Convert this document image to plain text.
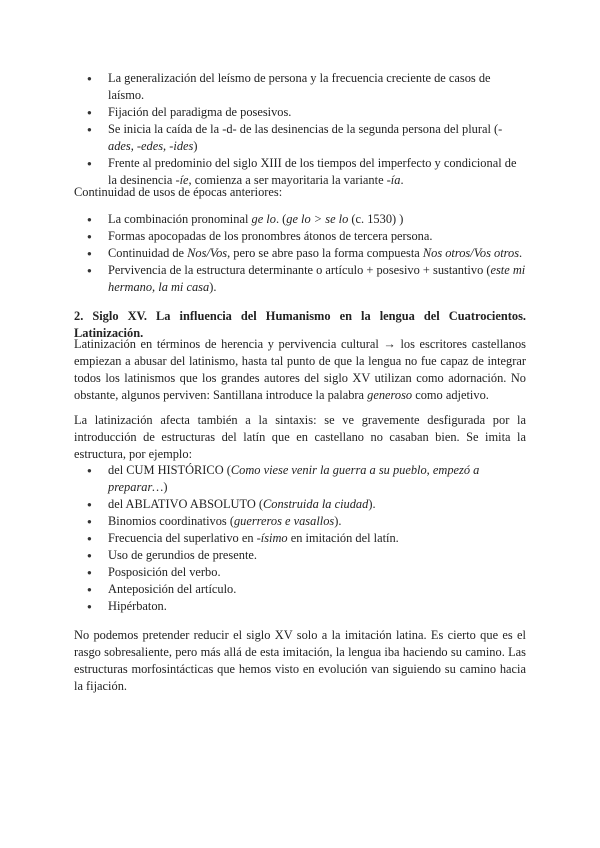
● La generalización del leísmo de persona y la frecuencia creciente de casos de laísmo.
● Fijación del paradigma de posesivos.
● Se inicia la caída de la -d- de las desinencias de la segunda persona del plural (-ades, -edes, -ides)
● Frente al predominio del siglo XIII de los tiempos del imperfecto y condicional de la desinencia -íe, comienza a ser mayoritaria la variante -ía.

Continuidad de usos de épocas anteriores:

● La combinación pronominal ge lo. (ge lo > se lo (c. 1530) )
● Formas apocopadas de los pronombres átonos de tercera persona.
● Continuidad de Nos/Vos, pero se abre paso la forma compuesta Nos otros/Vos otros.
● Pervivencia de la estructura determinante o artículo + posesivo + sustantivo (este mi hermano, la mi casa).

2. Siglo XV. La influencia del Humanismo en la lengua del Cuatrocientos. Latinización.

Latinización en términos de herencia y pervivencia cultural → los escritores castellanos empiezan a abusar del latinismo, hasta tal punto de que la lengua no fue capaz de integrar todos los latinismos que los grandes autores del siglo XV utilizan como adornación. No obstante, algunos perviven: Santillana introduce la palabra generoso como adjetivo.

La latinización afecta también a la sintaxis: se ve gravemente desfigurada por la introducción de estructuras del latín que en castellano no casaban bien. Se imita la estructura, por ejemplo:

● del CUM HISTÓRICO (Como viese venir la guerra a su pueblo, empezó a preparar…)
● del ABLATIVO ABSOLUTO (Construida la ciudad).
● Binomios coordinativos (guerreros e vasallos).
● Frecuencia del superlativo en -ísimo en imitación del latín.
● Uso de gerundios de presente.
● Posposición del verbo.
● Anteposición del artículo.
● Hipérbaton.

No podemos pretender reducir el siglo XV solo a la imitación latina. Es cierto que es el rasgo sobresaliente, pero más allá de esta imitación, la lengua iba haciendo su camino. Las estructuras morfosintácticas que hemos visto en evolución van siguiendo su camino hacia la fijación.
